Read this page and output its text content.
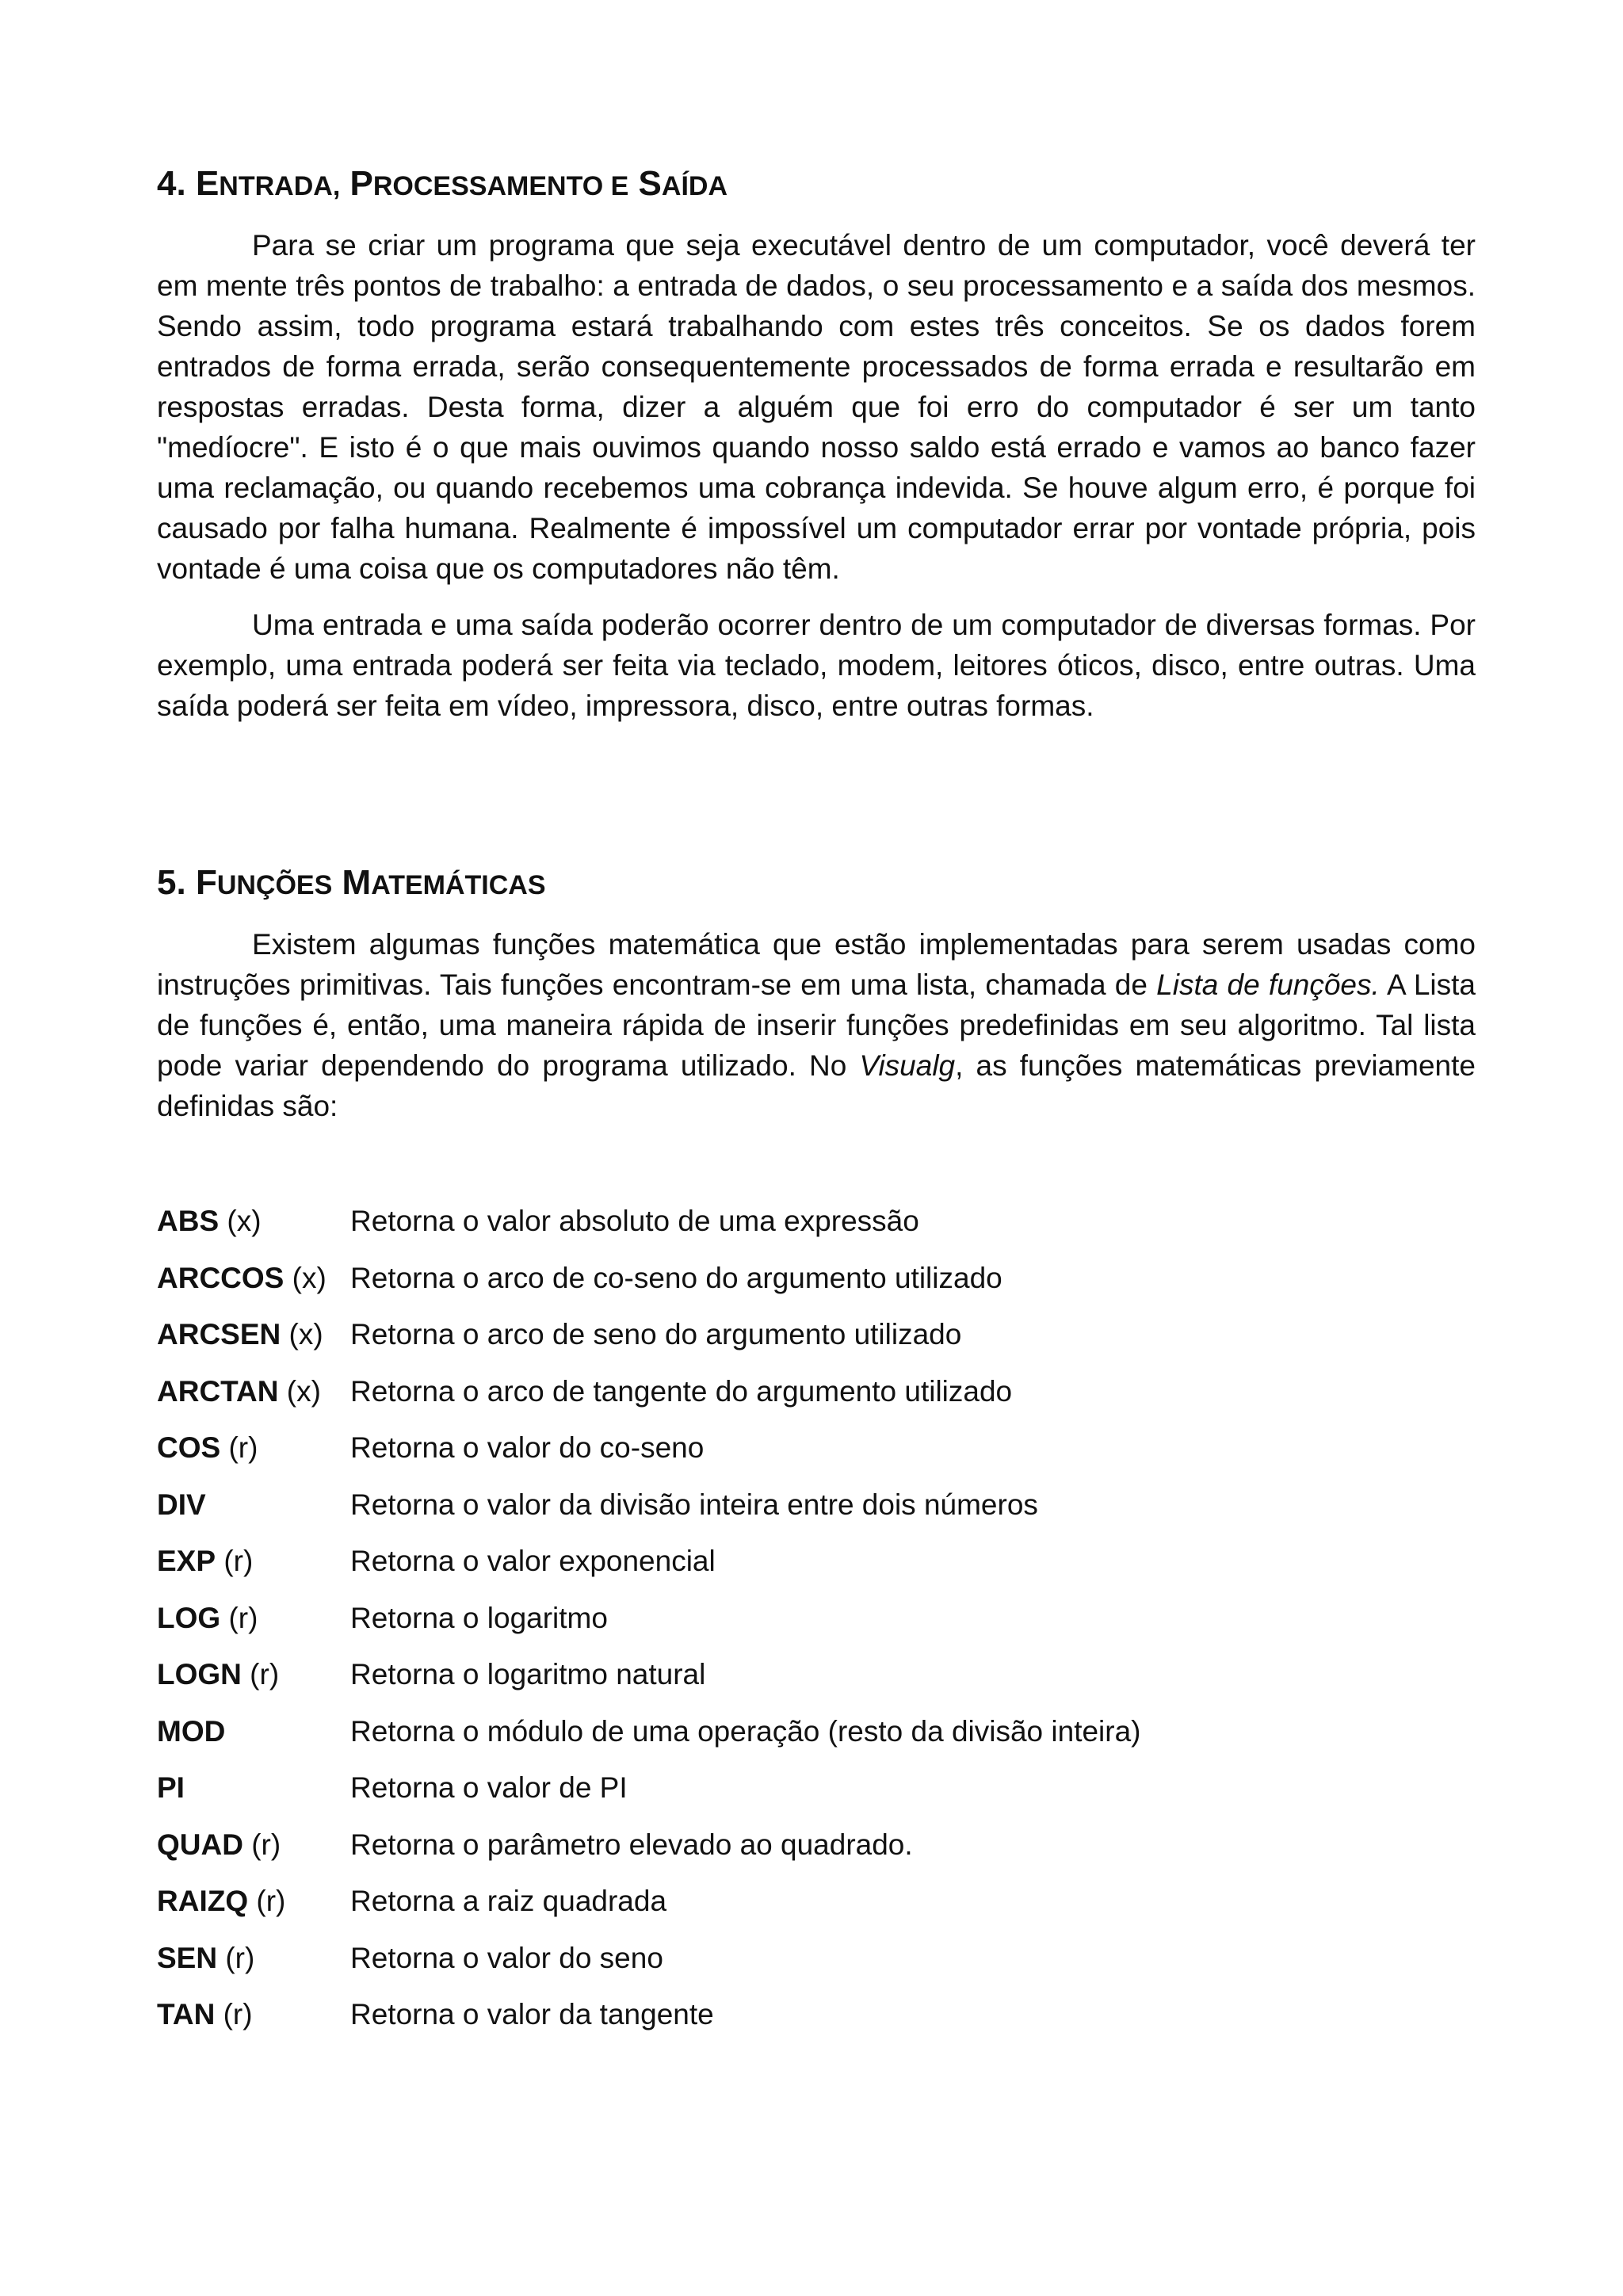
4. ENTRADA, PROCESSAMENTO E SAÍDA

Para se criar um programa que seja executável dentro de um computador, você deverá ter em mente três pontos de trabalho: a entrada de dados, o seu processamento e a saída dos mesmos. Sendo assim, todo programa estará trabalhando com estes três conceitos. Se os dados forem entrados de forma errada, serão consequentemente processados de forma errada e resultarão em respostas erradas. Desta forma, dizer a alguém que foi erro do computador é ser um tanto "medíocre". E isto é o que mais ouvimos quando nosso saldo está errado e vamos ao banco fazer uma reclamação, ou quando recebemos uma cobrança indevida. Se houve algum erro, é porque foi causado por falha humana. Realmente é impossível um computador errar por vontade própria, pois vontade é uma coisa que os computadores não têm.

Uma entrada e uma saída poderão ocorrer dentro de um computador de diversas formas. Por exemplo, uma entrada poderá ser feita via teclado, modem, leitores óticos, disco, entre outras. Uma saída poderá ser feita em vídeo, impressora, disco, entre outras formas.

5. FUNÇÕES MATEMÁTICAS

Existem algumas funções matemática que estão implementadas para serem usadas como instruções primitivas. Tais funções encontram-se em uma lista, chamada de Lista de funções. A Lista de funções é, então, uma maneira rápida de inserir funções predefinidas em seu algoritmo. Tal lista pode variar dependendo do programa utilizado. No Visualg, as funções matemáticas previamente definidas são:

ABS (x)	Retorna o valor absoluto de uma expressão
ARCCOS (x) Retorna o arco de co-seno do argumento utilizado
ARCSEN (x) Retorna o arco de seno do argumento utilizado
ARCTAN (x)	Retorna o arco de tangente do argumento utilizado
COS (r)	Retorna o valor do co-seno
DIV	Retorna o valor da divisão inteira entre dois números
EXP (r)	Retorna o valor exponencial
LOG (r)	Retorna o logaritmo
LOGN (r)	Retorna o logaritmo natural
MOD	Retorna o módulo de uma operação (resto da divisão inteira)
PI	Retorna o valor de PI
QUAD (r)	Retorna o parâmetro elevado ao quadrado.
RAIZQ (r)	Retorna a raiz quadrada
SEN (r)	Retorna o valor do seno
TAN (r)	Retorna o valor da tangente
